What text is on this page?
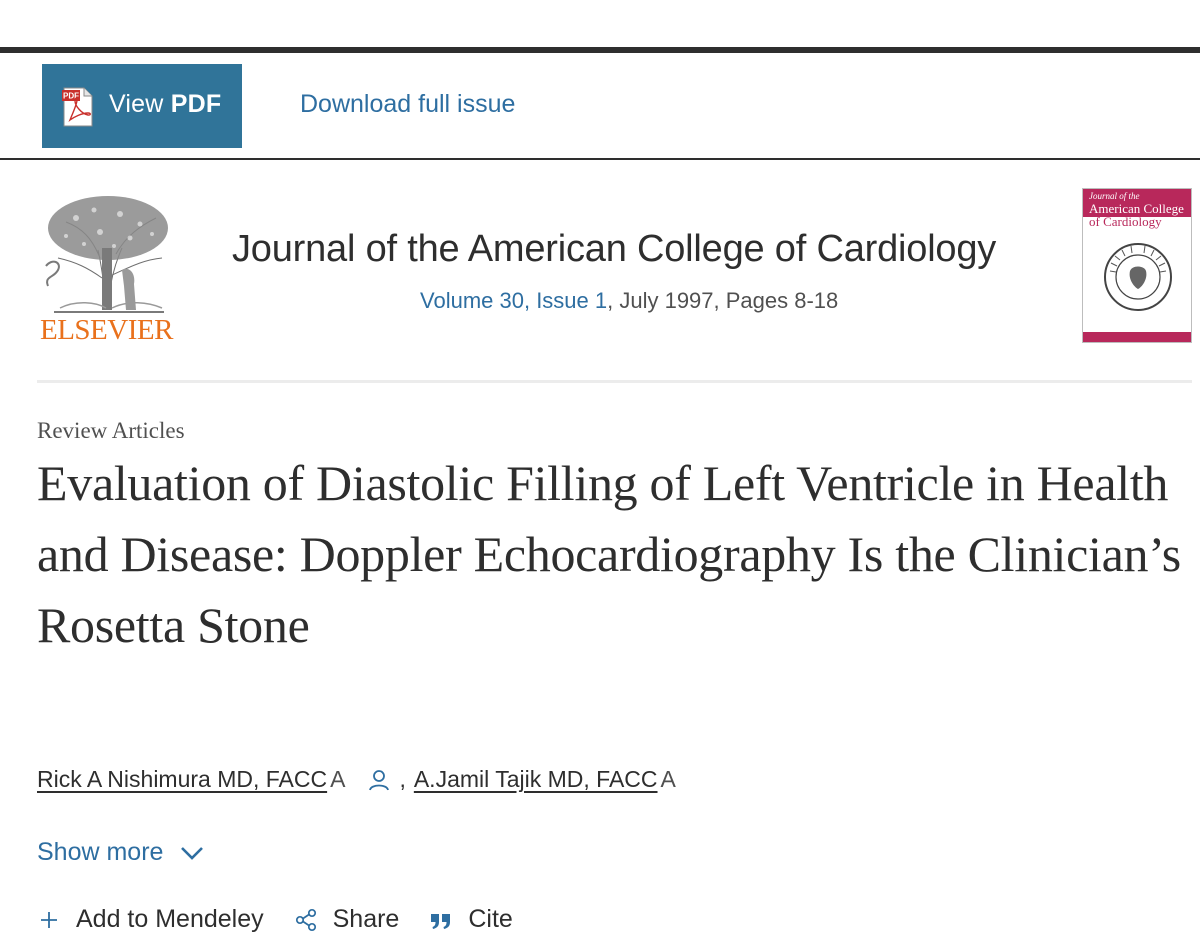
PDF View PDF	Download full issue
ELSEVIER
Journal of the American College of Cardiology
Volume 30, Issue 1, July 1997, Pages 8-18
Journal of the
American College
of Cardiology
Review Articles
Evaluation of Diastolic Filling of Left Ventricle in Health and Disease: Doppler Echocardiography Is the Clinician’s Rosetta Stone
Rick A Nishimura MD, FACC A , A.Jamil Tajik MD, FACC A
Show more
Add to Mendeley	Share	Cite
